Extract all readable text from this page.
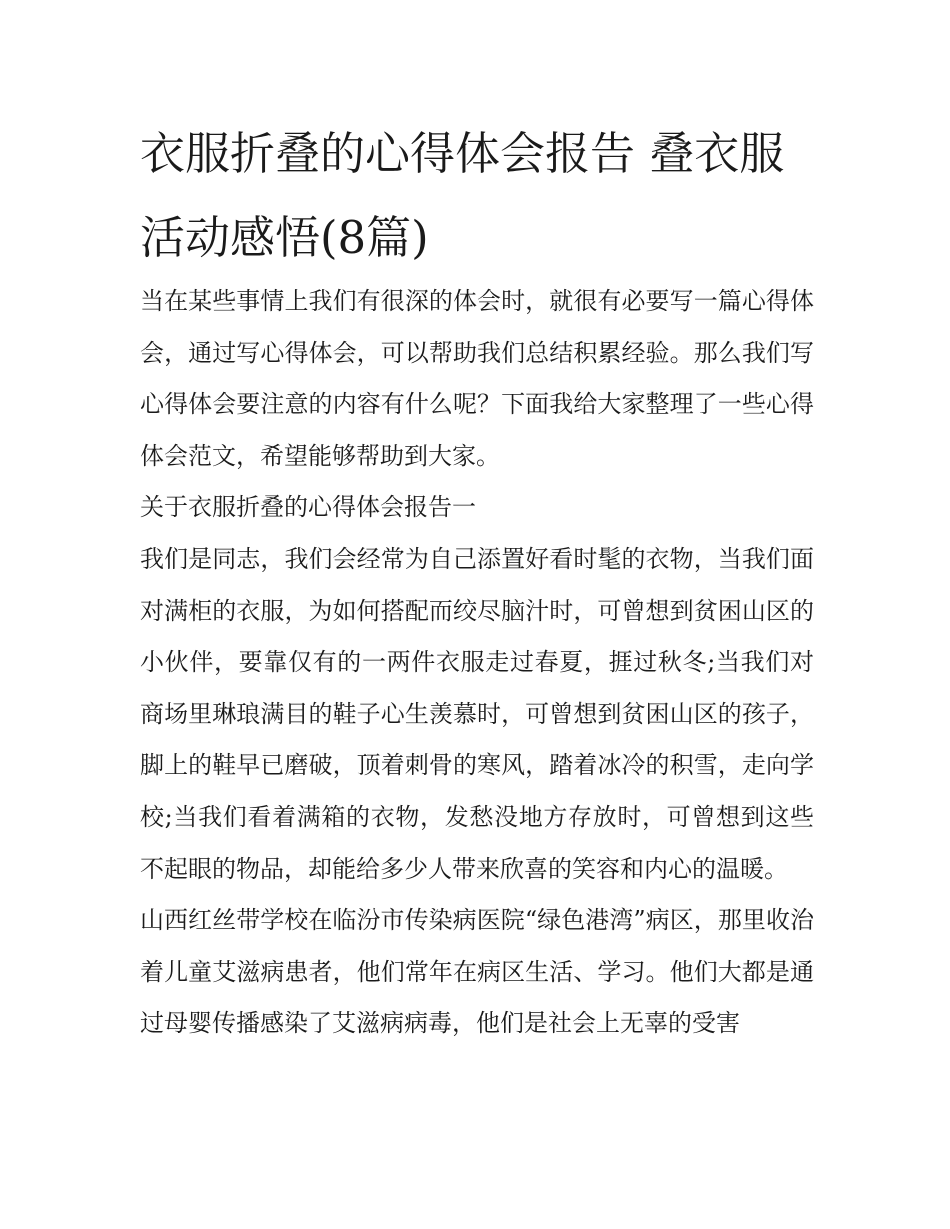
衣服折叠的心得体会报告 叠衣服活动感悟(8篇)

当在某些事情上我们有很深的体会时，就很有必要写一篇心得体会，通过写心得体会，可以帮助我们总结积累经验。那么我们写心得体会要注意的内容有什么呢？下面我给大家整理了一些心得体会范文，希望能够帮助到大家。

关于衣服折叠的心得体会报告一

我们是同志，我们会经常为自己添置好看时髦的衣物，当我们面对满柜的衣服，为如何搭配而绞尽脑汁时，可曾想到贫困山区的小伙伴，要靠仅有的一两件衣服走过春夏，捱过秋冬;当我们对商场里琳琅满目的鞋子心生羡慕时，可曾想到贫困山区的孩子，脚上的鞋早已磨破，顶着刺骨的寒风，踏着冰冷的积雪，走向学校;当我们看着满箱的衣物，发愁没地方存放时，可曾想到这些不起眼的物品，却能给多少人带来欣喜的笑容和内心的温暖。

山西红丝带学校在临汾市传染病医院“绿色港湾”病区，那里收治着儿童艾滋病患者，他们常年在病区生活、学习。他们大都是通过母婴传播感染了艾滋病病毒，他们是社会上无辜的受害
